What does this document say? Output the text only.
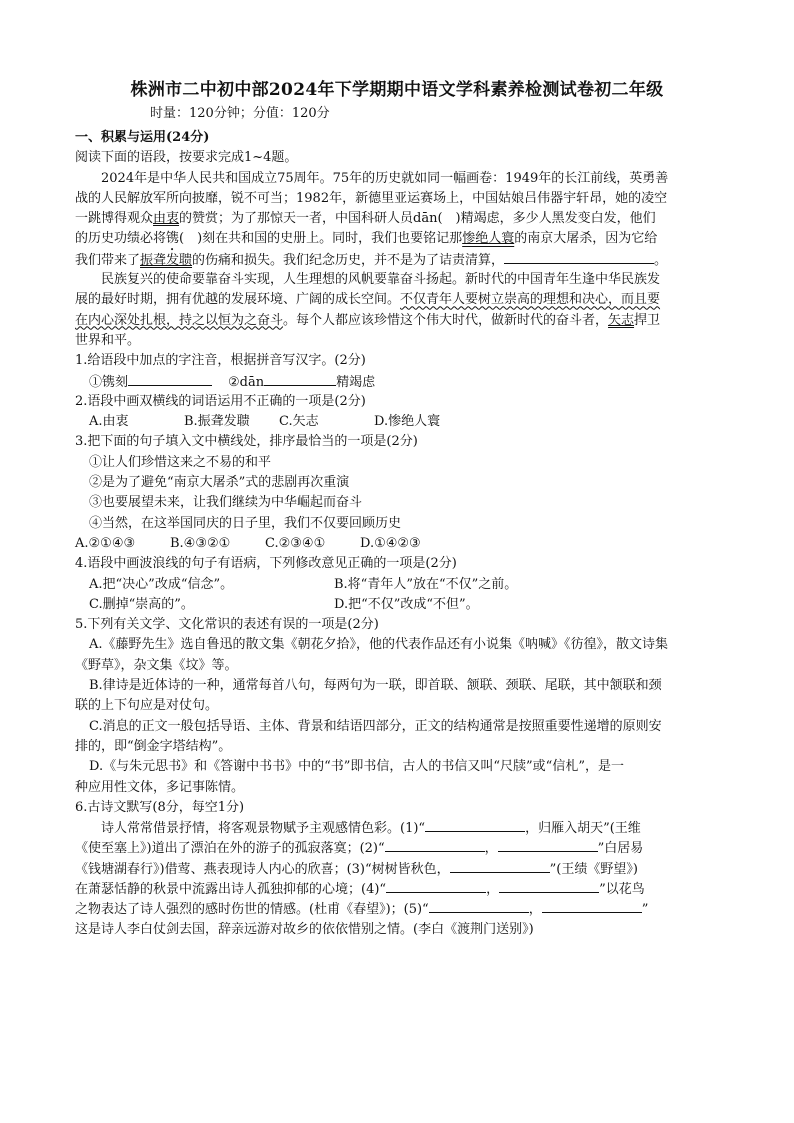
株洲市二中初中部2024年下学期期中语文学科素养检测试卷初二年级
时量：120分钟；分值：120分
一、积累与运用(24分)
阅读下面的语段，按要求完成1~4题。
2024年是中华人民共和国成立75周年。75年的历史就如同一幅画卷：1949年的长江前线，英勇善
战的人民解放军所向披靡，锐不可当；1982年，新德里亚运赛场上，中国姑娘吕伟器宇轩昂，她的凌空
一跳博得观众由衷的赞赏；为了那惊天一者，中国科研人员dān(　)精竭虑，多少人黑发变白发，他们
的历史功绩必将镌(　)刻在共和国的史册上。同时，我们也要铭记那惨绝人寰的南京大屠杀，因为它给
我们带来了振聋发聩的伤痛和损失。我们纪念历史，并不是为了诘责清算，	。
民族复兴的使命要靠奋斗实现，人生理想的风帆要靠奋斗扬起。新时代的中国青年生逢中华民族发
展的最好时期，拥有优越的发展环境、广阔的成长空间。不仅青年人要树立崇高的理想和决心，而且要
在内心深处扎根，持之以恒为之奋斗。每个人都应该珍惜这个伟大时代，做新时代的奋斗者，矢志捍卫
世界和平。
1.给语段中加点的字注音，根据拼音写汉字。(2分)
①镌刻	②dān	精竭虑
2.语段中画双横线的词语运用不正确的一项是(2分)
A.由衷	B.振聋发聩	C.矢志	D.惨绝人寰
3.把下面的句子填入文中横线处，排序最恰当的一项是(2分)
①让人们珍惜这来之不易的和平
②是为了避免“南京大屠杀”式的悲剧再次重演
③也要展望未来，让我们继续为中华崛起而奋斗
④当然，在这举国同庆的日子里，我们不仅要回顾历史
A.②①④③	B.④③②①	C.②③④①	D.①④②③
4.语段中画波浪线的句子有语病，下列修改意见正确的一项是(2分)
A.把“决心”改成“信念”。	B.将“青年人”放在“不仅”之前。
C.删掉“崇高的”。	D.把“不仅”改成“不但”。
5.下列有关文学、文化常识的表述有误的一项是(2分)
A.《藤野先生》选自鲁迅的散文集《朝花夕拾》，他的代表作品还有小说集《呐喊》《彷徨》，散文诗集
《野草》，杂文集《坟》等。
B.律诗是近体诗的一种，通常每首八句，每两句为一联，即首联、颔联、颈联、尾联，其中颔联和颈
联的上下句应是对仗句。
C.消息的正文一般包括导语、主体、背景和结语四部分，正文的结构通常是按照重要性递增的原则安
排的，即“倒金字塔结构”。
D.《与朱元思书》和《答谢中书书》中的“书”即书信，古人的书信又叫“尺牍”或“信札”，是一
种应用性文体，多记事陈情。
6.古诗文默写(8分，每空1分)
诗人常常借景抒情，将客观景物赋予主观感情色彩。(1)“	，归雁入胡天”(王维
《使至塞上》)道出了漂泊在外的游子的孤寂落寞；(2)“	，	”白居易
《钱塘湖春行》)借莺、燕表现诗人内心的欣喜；(3)“树树皆秋色，	”(王绩《野望》)
在萧瑟恬静的秋景中流露出诗人孤独抑郁的心境；(4)“	，	”以花鸟
之物表达了诗人强烈的感时伤世的情感。(杜甫《春望》)；(5)“	，	”
这是诗人李白仗剑去国，辞亲远游对故乡的依依惜别之情。(李白《渡荆门送别》)
